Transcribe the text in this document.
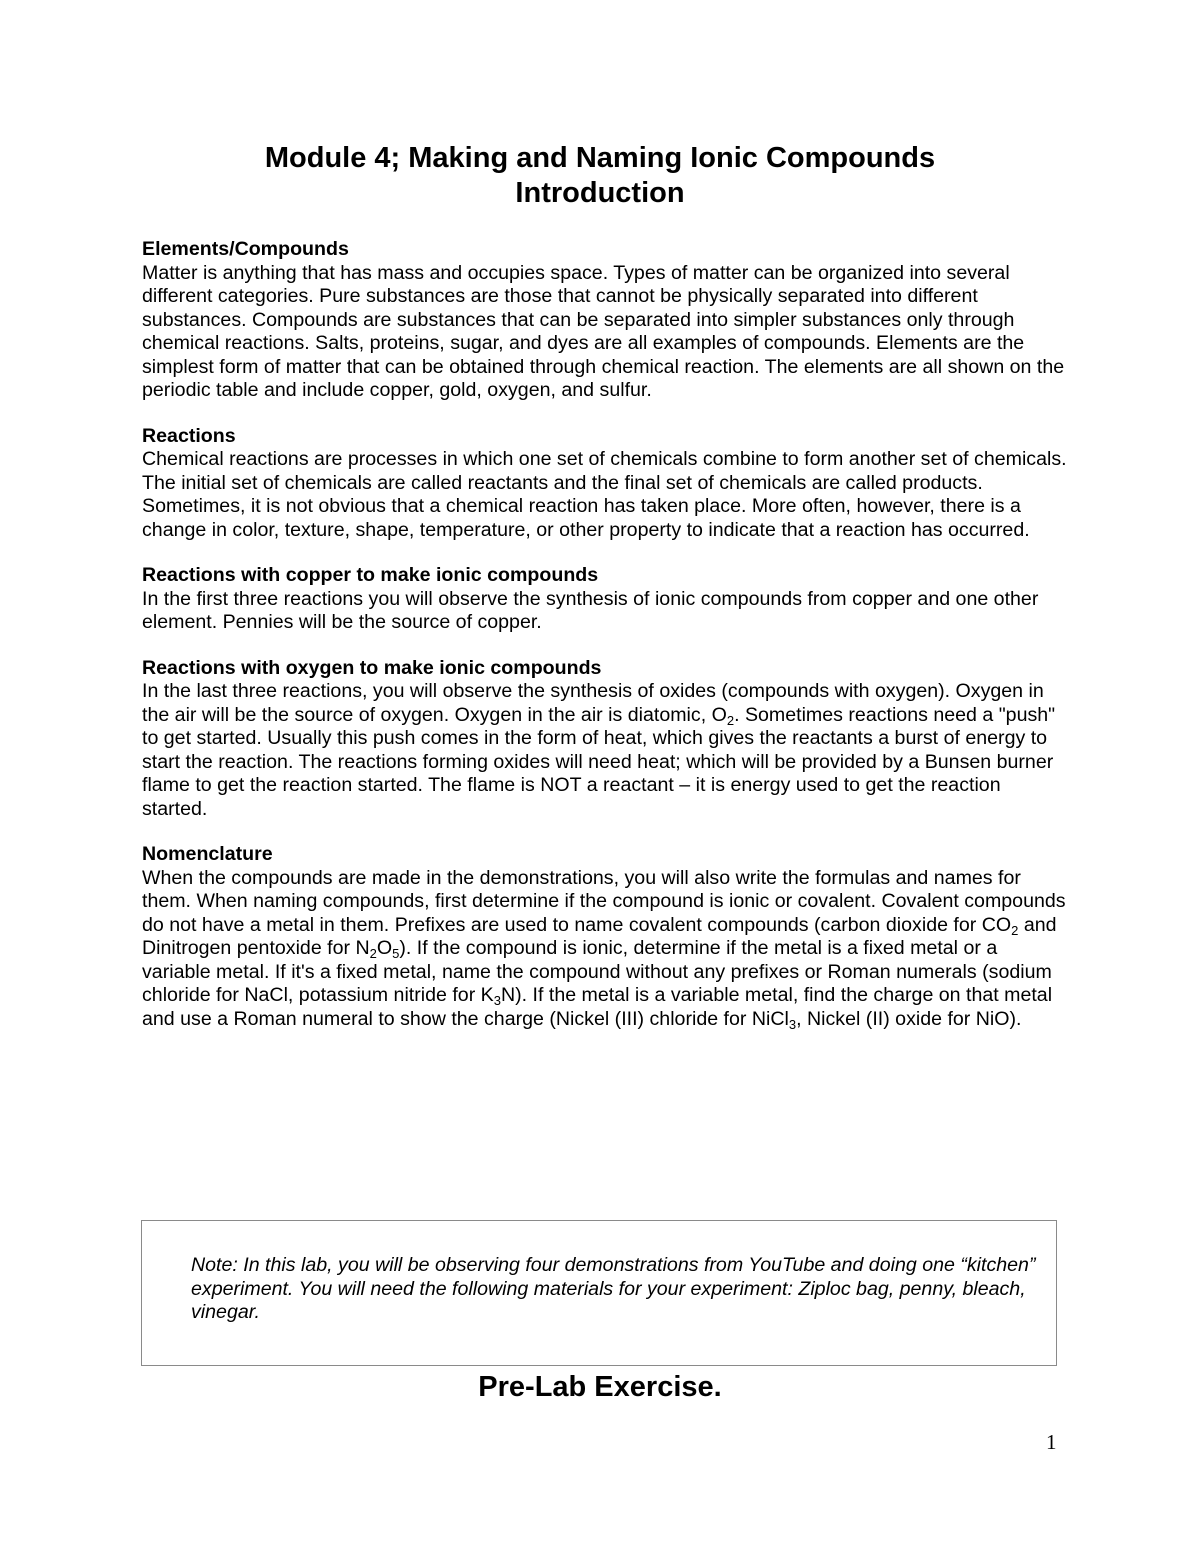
Module 4; Making and Naming Ionic Compounds
Introduction
Elements/Compounds

Matter is anything that has mass and occupies space. Types of matter can be organized into several different categories. Pure substances are those that cannot be physically separated into different substances. Compounds are substances that can be separated into simpler substances only through chemical reactions. Salts, proteins, sugar, and dyes are all examples of compounds. Elements are the simplest form of matter that can be obtained through chemical reaction. The elements are all shown on the periodic table and include copper, gold, oxygen, and sulfur.

Reactions

Chemical reactions are processes in which one set of chemicals combine to form another set of chemicals. The initial set of chemicals are called reactants and the final set of chemicals are called products. Sometimes, it is not obvious that a chemical reaction has taken place. More often, however, there is a change in color, texture, shape, temperature, or other property to indicate that a reaction has occurred.

Reactions with copper to make ionic compounds

In the first three reactions you will observe the synthesis of ionic compounds from copper and one other element. Pennies will be the source of copper.

Reactions with oxygen to make ionic compounds

In the last three reactions, you will observe the synthesis of oxides (compounds with oxygen). Oxygen in the air will be the source of oxygen. Oxygen in the air is diatomic, $O_2$. Sometimes reactions need a "push" to get started. Usually this push comes in the form of heat, which gives the reactants a burst of energy to start the reaction. The reactions forming oxides will need heat; which will be provided by a Bunsen burner flame to get the reaction started. The flame is NOT a reactant – it is energy used to get the reaction started.

Nomenclature

When the compounds are made in the demonstrations, you will also write the formulas and names for them. When naming compounds, first determine if the compound is ionic or covalent. Covalent compounds do not have a metal in them. Prefixes are used to name covalent compounds (carbon dioxide for $CO_2$ and Dinitrogen pentoxide for $N_2O_5$). If the compound is ionic, determine if the metal is a fixed metal or a variable metal. If it's a fixed metal, name the compound without any prefixes or Roman numerals (sodium chloride for NaCl, potassium nitride for $K_3N$). If the metal is a variable metal, find the charge on that metal and use a Roman numeral to show the charge (Nickel (III) chloride for NiCl$_3$, Nickel (II) oxide for NiO).

Note: In this lab, you will be observing four demonstrations from YouTube and doing one “kitchen” experiment. You will need the following materials for your experiment: Ziploc bag, penny, bleach, vinegar.

Pre-Lab Exercise.
1
